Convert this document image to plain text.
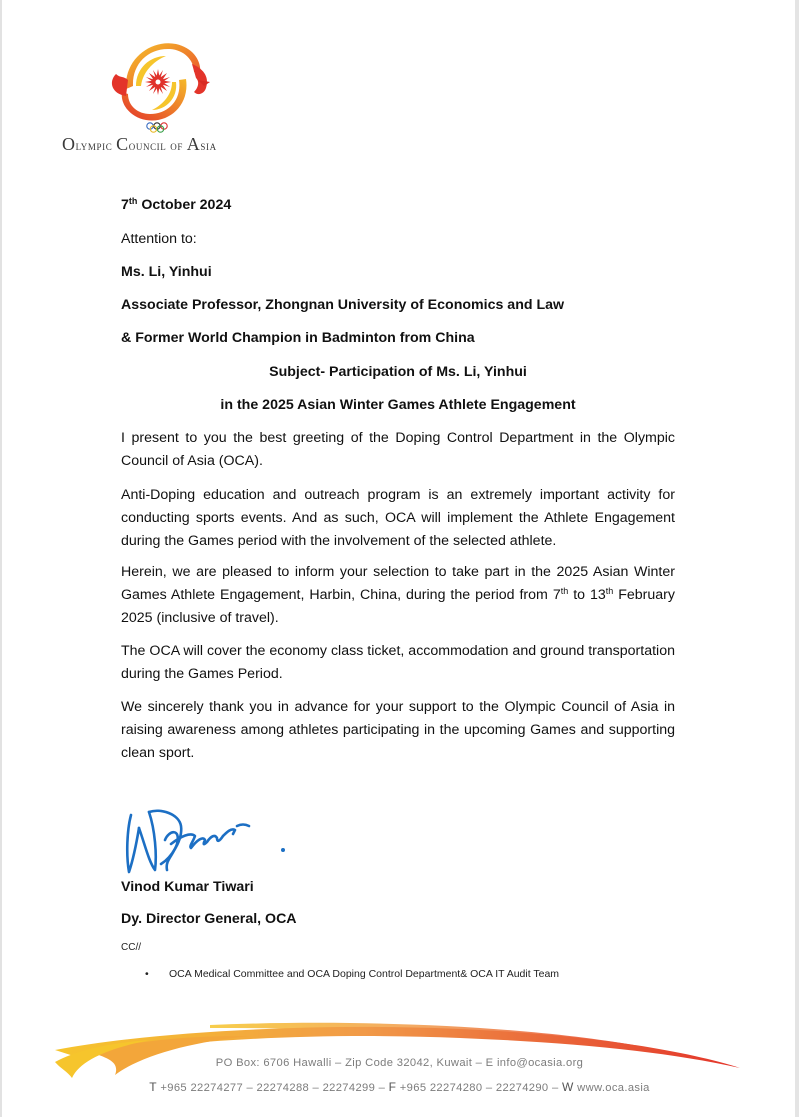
Olympic Council of Asia
7th October 2024
Attention to:
Ms. Li, Yinhui
Associate Professor, Zhongnan University of Economics and Law
& Former World Champion in Badminton from China
Subject- Participation of Ms. Li, Yinhui
in the 2025 Asian Winter Games Athlete Engagement
I present to you the best greeting of the Doping Control Department in the Olympic Council of Asia (OCA).
Anti-Doping education and outreach program is an extremely important activity for conducting sports events. And as such, OCA will implement the Athlete Engagement during the Games period with the involvement of the selected athlete.
Herein, we are pleased to inform your selection to take part in the 2025 Asian Winter Games Athlete Engagement, Harbin, China, during the period from 7th to 13th February 2025 (inclusive of travel).
The OCA will cover the economy class ticket, accommodation and ground transportation during the Games Period.
We sincerely thank you in advance for your support to the Olympic Council of Asia in raising awareness among athletes participating in the upcoming Games and supporting clean sport.
Vinod Kumar Tiwari
Dy. Director General, OCA
CC//
• OCA Medical Committee and OCA Doping Control Department& OCA IT Audit Team
PO Box: 6706 Hawalli – Zip Code 32042, Kuwait – E info@ocasia.org
T +965 22274277 – 22274288 – 22274299 – F +965 22274280 – 22274290 – W www.oca.asia
